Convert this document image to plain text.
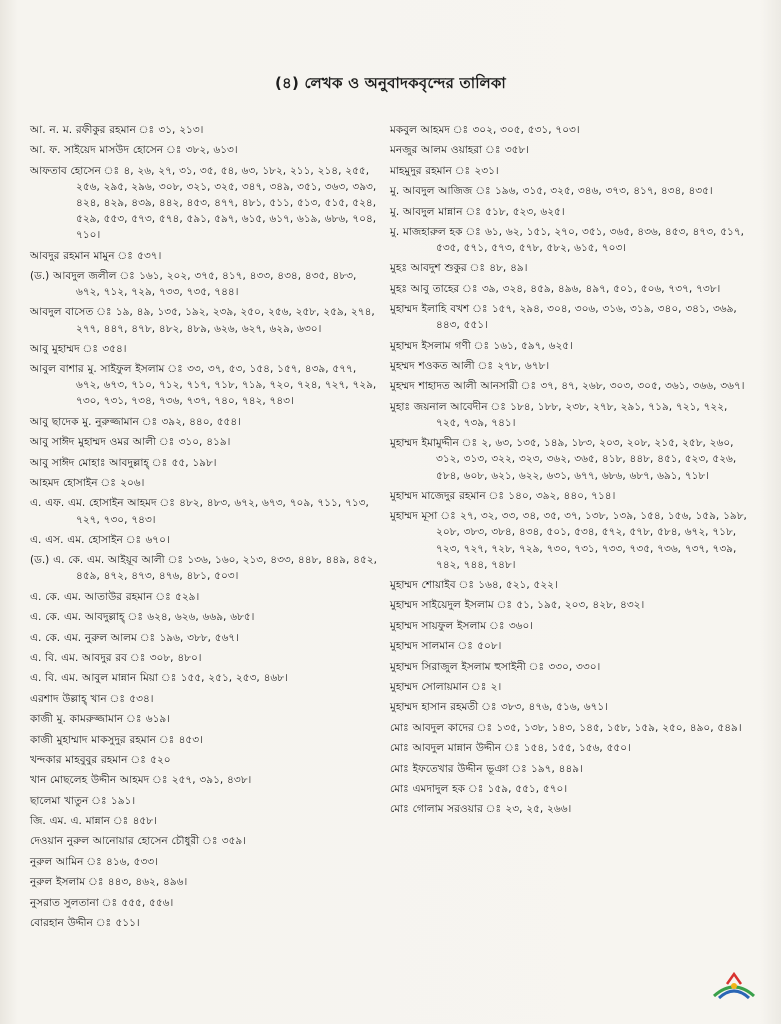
(৪) লেখক ও অনুবাদকবৃন্দের তালিকা
আ. ন. ম. রফীকুর রহমান ঃ ৩১, ২১৩।
আ. ফ. সাইয়েদ মাসউদ হোসেন ঃ ৩৮২, ৬১৩।
আফতাব হোসেন ঃ ৪, ২৬, ২৭, ৩১, ৩৫, ৫৪, ৬৩, ১৮২, ২১১, ২১৪, ২৫৫, ২৫৬, ২৯৫, ২৯৬, ৩০৮, ৩২১, ৩২৫, ৩৪৭, ৩৪৯, ৩৫১, ৩৬৩, ৩৯৩, ৪২৪, ৪২৯, ৪৩৯, ৪৪২, ৪৫৩, ৪৭৭, ৪৮১, ৫১১, ৫১৩, ৫১৫, ৫২৪, ৫২৯, ৫৫৩, ৫৭৩, ৫৭৪, ৫৯১, ৫৯৭, ৬১৫, ৬১৭, ৬১৯, ৬৮৬, ৭০৪, ৭১০।
আবদুর রহমান মামুন ঃ ৫৩৭।
(ড.) আবদুল জলীল ঃ ১৬১, ২০২, ৩৭৫, ৪১৭, ৪৩৩, ৪৩৪, ৪৩৫, ৪৮৩, ৬৭২, ৭১২, ৭২৯, ৭৩৩, ৭৩৫, ৭৪৪।
আবদুল বাসেত ঃ ১৯, ৪৯, ১৩৫, ১৯২, ২৩৯, ২৫০, ২৫৬, ২৫৮, ২৫৯, ২৭৪, ২৭৭, ৪৪৭, ৪৭৮, ৪৮২, ৪৮৯, ৬২৬, ৬২৭, ৬২৯, ৬৩০।
আবু মুহাম্মদ ঃ ৩৫৪।
আবুল বাশার মু. সাইফুল ইসলাম ঃ ৩৩, ৩৭, ৫৩, ১৫৪, ১৫৭, ৪৩৯, ৫৭৭, ৬৭২, ৬৭৩, ৭১০, ৭১২, ৭১৭, ৭১৮, ৭১৯, ৭২০, ৭২৪, ৭২৭, ৭২৯, ৭৩০, ৭৩১, ৭৩৪, ৭৩৬, ৭৩৭, ৭৪০, ৭৪২, ৭৪৩।
আবু ছাদেক মু. নুরুজ্জামান ঃ ৩৯২, ৪৪০, ৫৫৪।
আবু সাঈদ মুহাম্মদ ওমর আলী ঃ ৩১০, ৪১৯।
আবু সাঈদ মোহাঃ আবদুল্লাহ্‌ ঃ ৫৫, ১৯৮।
আহমদ হোসাইন ঃ ২০৬।
এ. এফ. এম. হোসাইন আহমদ ঃ ৪৮২, ৪৮৩, ৬৭২, ৬৭৩, ৭০৯, ৭১১, ৭১৩, ৭২৭, ৭৩০, ৭৪৩।
এ. এস. এম. হোসাইন ঃ ৬৭০।
(ড.) এ. কে. এম. আইয়ূব আলী ঃ ১৩৬, ১৬০, ২১৩, ৪৩৩, ৪৪৮, ৪৪৯, ৪৫২, ৪৫৯, ৪৭২, ৪৭৩, ৪৭৬, ৪৮১, ৫০৩।
এ. কে. এম. আতাউর রহমান ঃ ৫২৯।
এ. কে. এম. আবদুল্লাহ্‌ ঃ ৬২৪, ৬২৬, ৬৬৯, ৬৮৫।
এ. কে. এম. নুরুল আলম ঃ ১৯৬, ৩৮৮, ৫৬৭।
এ. বি. এম. আবদুর রব ঃ ৩০৮, ৪৮০।
এ. বি. এম. আবুল মান্নান মিয়া ঃ ১৫৫, ২৫১, ২৫৩, ৪৬৮।
এরশাদ উল্লাহ্‌ খান ঃ ৫৩৪।
কাজী মু. কামরুজ্জামান ঃ ৬১৯।
কাজী মুহাম্মাদ মাকসুদুর রহমান ঃ ৪৫৩।
খন্দকার মাহবুবুর রহমান ঃ ৫২০
খান মোছলেহ উদ্দীন আহমদ ঃ ২৫৭, ৩৯১, ৪৩৮।
ছালেমা খাতুন ঃ ১৯১।
জি. এম. এ. মান্নান ঃ ৪৫৮।
দেওয়ান নুরুল আনোয়ার হোসেন চৌধুরী ঃ ৩৫৯।
নুরুল আমিন ঃ ৪১৬, ৫৩৩।
নুরুল ইসলাম ঃ ৪৪৩, ৪৬২, ৪৯৬।
নুসরাত সুলতানা ঃ ৫৫৫, ৫৫৬।
বোরহান উদ্দীন ঃ ৫১১।
মকবুল আহমদ ঃ ৩০২, ৩০৫, ৫৩১, ৭০৩।
মনজুর আলম ওয়াহরা ঃ ৩৫৮।
মাহমুদুর রহমান ঃ ২৩১।
মু. আবদুল আজিজ ঃ ১৯৬, ৩১৫, ৩২৫, ৩৪৬, ৩৭৩, ৪১৭, ৪৩৪, ৪৩৫।
মু. আবদুল মান্নান ঃ ৫১৮, ৫২৩, ৬২৫।
মু. মাজহারুল হক ঃ ৬১, ৬২, ১৫১, ২৭০, ৩৫১, ৩৬৫, ৪৩৬, ৪৫৩, ৪৭৩, ৫১৭, ৫৩৫, ৫৭১, ৫৭৩, ৫৭৮, ৫৮২, ৬১৫, ৭০৩।
মুহঃ আবদুশ শুকুর ঃ ৪৮, ৪৯।
মুহঃ আবু তাহের ঃ ৩৯, ৩২৪, ৪৫৯, ৪৯৬, ৪৯৭, ৫০১, ৫০৬, ৭৩৭, ৭৩৮।
মুহাম্মদ ইলাহি বখশ ঃ ১৫৭, ২৯৪, ৩০৪, ৩০৬, ৩১৬, ৩১৯, ৩৪০, ৩৪১, ৩৬৯, ৪৪৩, ৫৫১।
মুহাম্মদ ইসলাম গণী ঃ ১৬১, ৫৯৭, ৬২৫।
মুহম্মদ শওকত আলী ঃ ২৭৮, ৬৭৮।
মুহম্মদ শাহাদত আলী আনসারী ঃ ৩৭, ৪৭, ২৬৮, ৩০৩, ৩০৫, ৩৬১, ৩৬৬, ৩৬৭।
মুহাঃ জয়নাল আবেদীন ঃ ১৮৪, ১৮৮, ২৩৮, ২৭৮, ২৯১, ৭১৯, ৭২১, ৭২২, ৭২৫, ৭৩৯, ৭৪১।
মুহাম্মদ ইমামুদ্দীন ঃ ২, ৬৩, ১৩৫, ১৪৯, ১৮৩, ২০৩, ২০৮, ২১৫, ২৫৮, ২৬০, ৩১২, ৩১৩, ৩২২, ৩২৩, ৩৬২, ৩৬৫, ৪১৮, ৪৪৮, ৪৫১, ৫২৩, ৫২৬, ৫৮৪, ৬০৮, ৬২১, ৬২২, ৬৩১, ৬৭৭, ৬৮৬, ৬৮৭, ৬৯১, ৭১৮।
মুহাম্মদ মাজেদুর রহমান ঃ ১৪০, ৩৯২, ৪৪০, ৭১৪।
মুহাম্মদ মূসা ঃ ২৭, ৩২, ৩৩, ৩৪, ৩৫, ৩৭, ১৩৮, ১৩৯, ১৫৪, ১৫৬, ১৫৯, ১৯৮, ২০৮, ৩৮৩, ৩৮৪, ৪৩৪, ৫০১, ৫৩৪, ৫৭২, ৫৭৮, ৫৮৪, ৬৭২, ৭১৮, ৭২৩, ৭২৭, ৭২৮, ৭২৯, ৭৩০, ৭৩১, ৭৩৩, ৭৩৫, ৭৩৬, ৭৩৭, ৭৩৯, ৭৪২, ৭৪৪, ৭৪৮।
মুহাম্মদ শোয়াইব ঃ ১৬৪, ৫২১, ৫২২।
মুহাম্মদ সাইয়েদুল ইসলাম ঃ ৫১, ১৯৫, ২০৩, ৪২৮, ৪৩২।
মুহাম্মদ সায়ফুল ইসলাম ঃ ৩৬০।
মুহাম্মদ সালমান ঃ ৫০৮।
মুহাম্মদ সিরাজুল ইসলাম হুসাইনী ঃ ৩৩০, ৩৩০।
মুহাম্মদ সোলায়মান ঃ ২।
মুহাম্মদ হাসান রহমতী ঃ ৩৮৩, ৪৭৬, ৫১৬, ৬৭১।
মোঃ আবদুল কাদের ঃ ১৩৫, ১৩৮, ১৪৩, ১৪৫, ১৫৮, ১৫৯, ২৫০, ৪৯০, ৫৪৯।
মোঃ আবদুল মান্নান উদ্দীন ঃ ১৫৪, ১৫৫, ১৫৬, ৫৫০।
মোঃ ইফতেখার উদ্দীন ভূঞা ঃ ১৯৭, ৪৪৯।
মোঃ এমদাদুল হক ঃ ১৫৯, ৫৫১, ৫৭০।
মোঃ গোলাম সরওয়ার ঃ ২৩, ২৫, ২৬৬।
